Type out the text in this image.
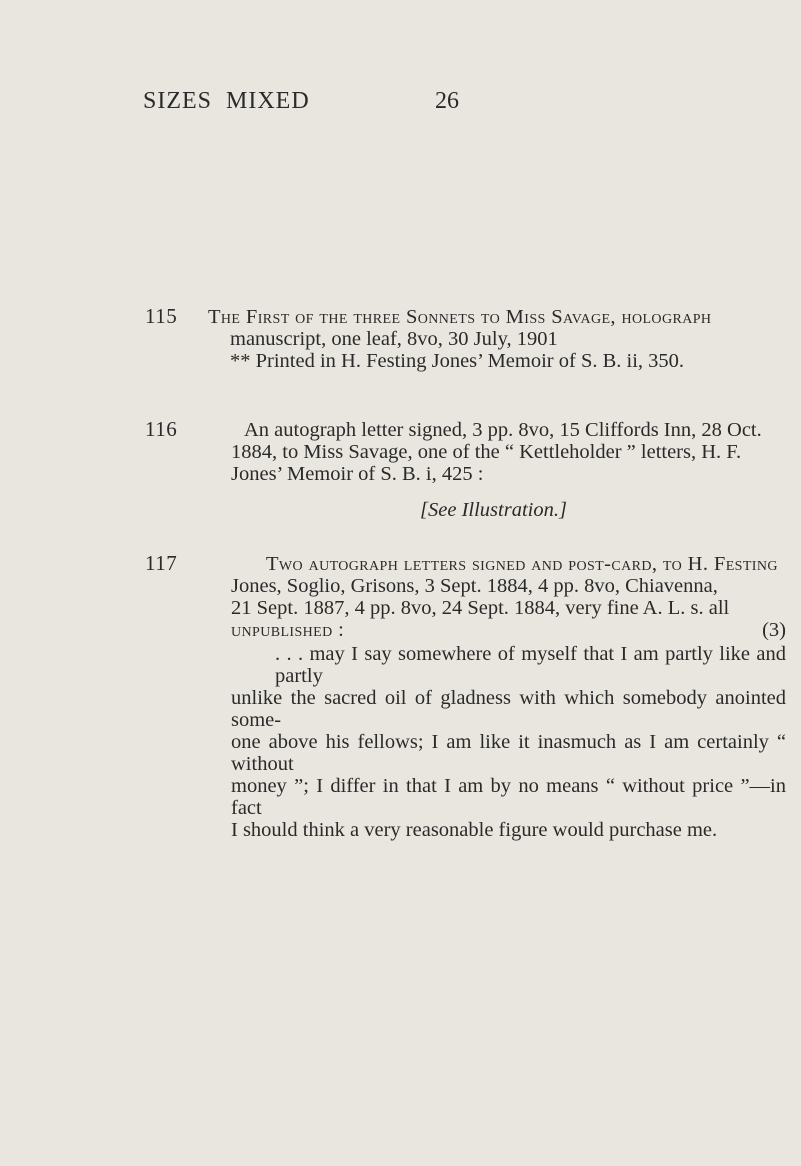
SIZES  MIXED

	26

115 The First of the three Sonnets to Miss Savage, holograph

manuscript, one leaf, 8vo, 30 July, 1901

** Printed in H. Festing Jones’ Memoir of S. B. ii, 350.

116	An autograph letter signed, 3 pp. 8vo, 15 Cliffords Inn, 28 Oct.

1884, to Miss Savage, one of the “ Kettleholder ” letters, H. F.

Jones’ Memoir of S. B. i, 425 :

[See Illustration.]

117	Two autograph letters signed and post-card, to H. Festing

Jones, Soglio, Grisons, 3 Sept. 1884, 4 pp. 8vo, Chiavenna,

21 Sept. 1887, 4 pp. 8vo, 24 Sept. 1884, very fine A. L. s. all

unpublished :	(3)

. . . may I say somewhere of myself that I am partly like and partly

unlike the sacred oil of gladness with which somebody anointed some-

one above his fellows; I am like it inasmuch as I am certainly “ without

money ”; I differ in that I am by no means “ without price ”—in fact

I should think a very reasonable figure would purchase me.
